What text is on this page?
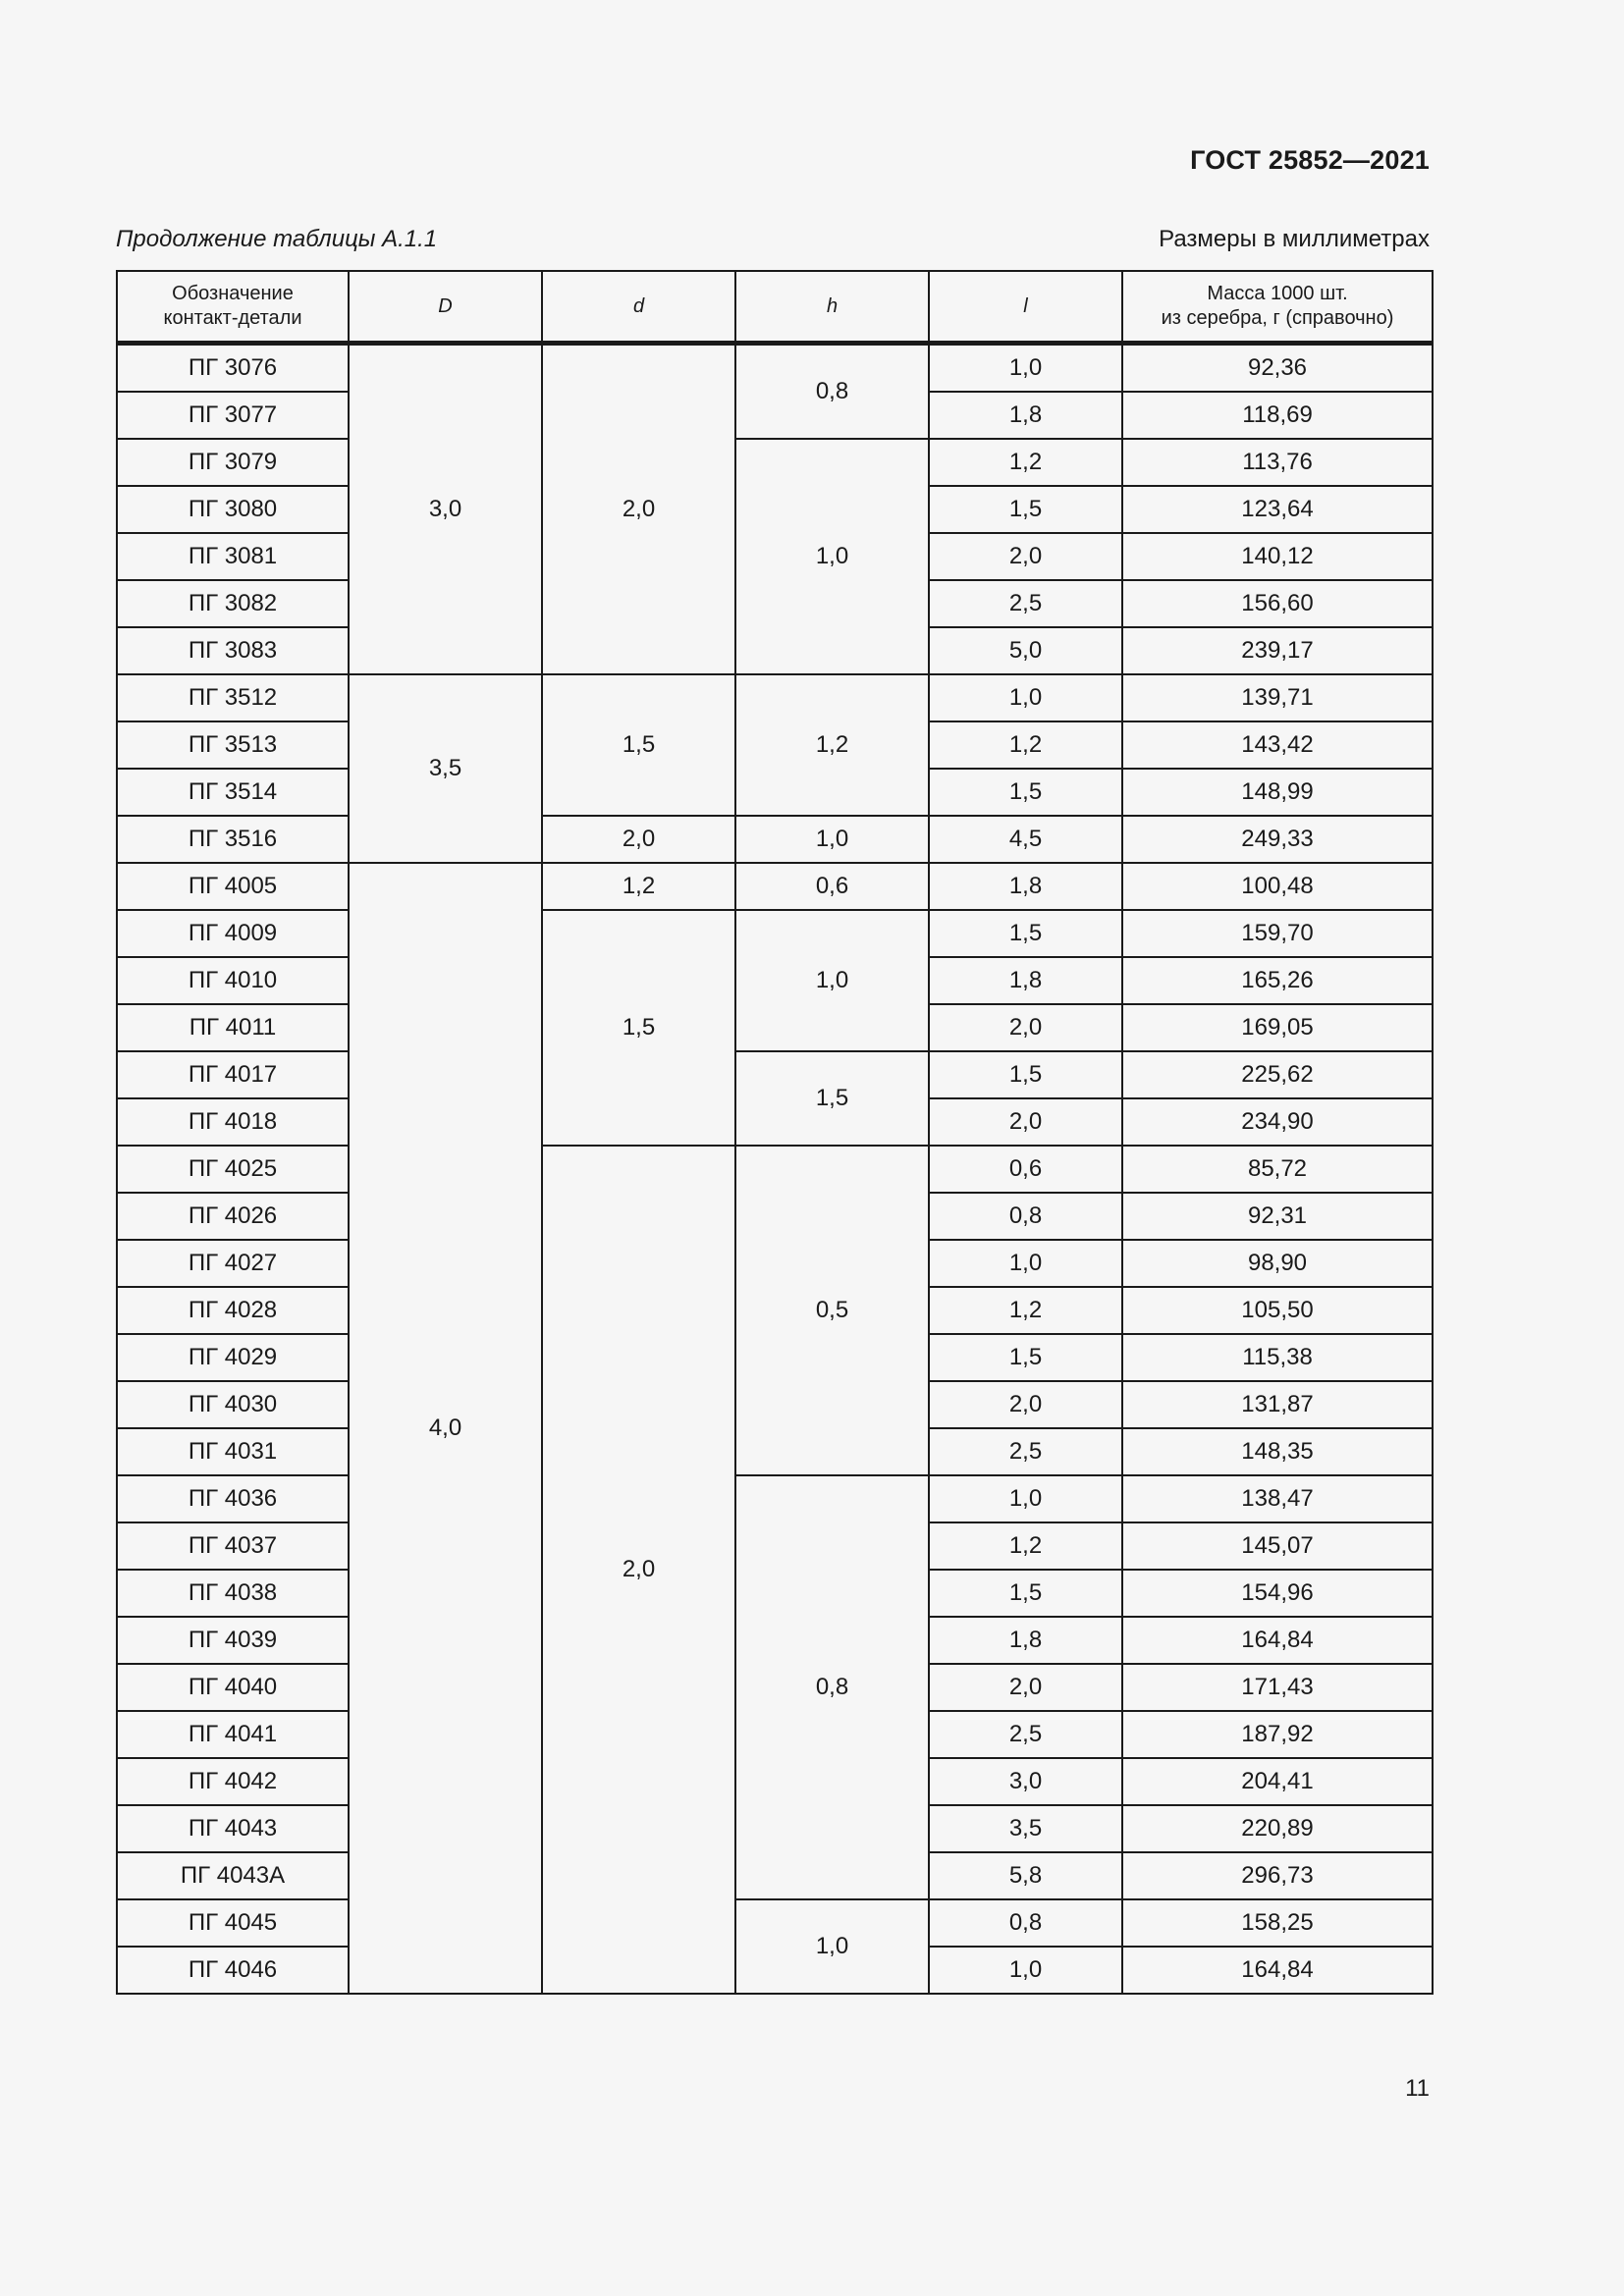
ГОСТ 25852—2021
Продолжение таблицы А.1.1	Размеры в миллиметрах
Обозначение
контакт-детали	D	d	h	l	Масса 1000 шт.
из серебра, г (справочно)
ПГ 3076	3,0	2,0	0,8	1,0	92,36
ПГ 3077				1,8	118,69
ПГ 3079			1,0	1,2	113,76
ПГ 3080				1,5	123,64
ПГ 3081				2,0	140,12
ПГ 3082				2,5	156,60
ПГ 3083				5,0	239,17
ПГ 3512	3,5	1,5	1,2	1,0	139,71
ПГ 3513				1,2	143,42
ПГ 3514				1,5	148,99
ПГ 3516		2,0	1,0	4,5	249,33
ПГ 4005	4,0	1,2	0,6	1,8	100,48
ПГ 4009		1,5	1,0	1,5	159,70
ПГ 4010				1,8	165,26
ПГ 4011				2,0	169,05
ПГ 4017			1,5	1,5	225,62
ПГ 4018				2,0	234,90
ПГ 4025		2,0	0,5	0,6	85,72
ПГ 4026				0,8	92,31
ПГ 4027				1,0	98,90
ПГ 4028				1,2	105,50
ПГ 4029				1,5	115,38
ПГ 4030				2,0	131,87
ПГ 4031				2,5	148,35
ПГ 4036			0,8	1,0	138,47
ПГ 4037				1,2	145,07
ПГ 4038				1,5	154,96
ПГ 4039				1,8	164,84
ПГ 4040				2,0	171,43
ПГ 4041				2,5	187,92
ПГ 4042				3,0	204,41
ПГ 4043				3,5	220,89
ПГ 4043А				5,8	296,73
ПГ 4045			1,0	0,8	158,25
ПГ 4046				1,0	164,84
11
